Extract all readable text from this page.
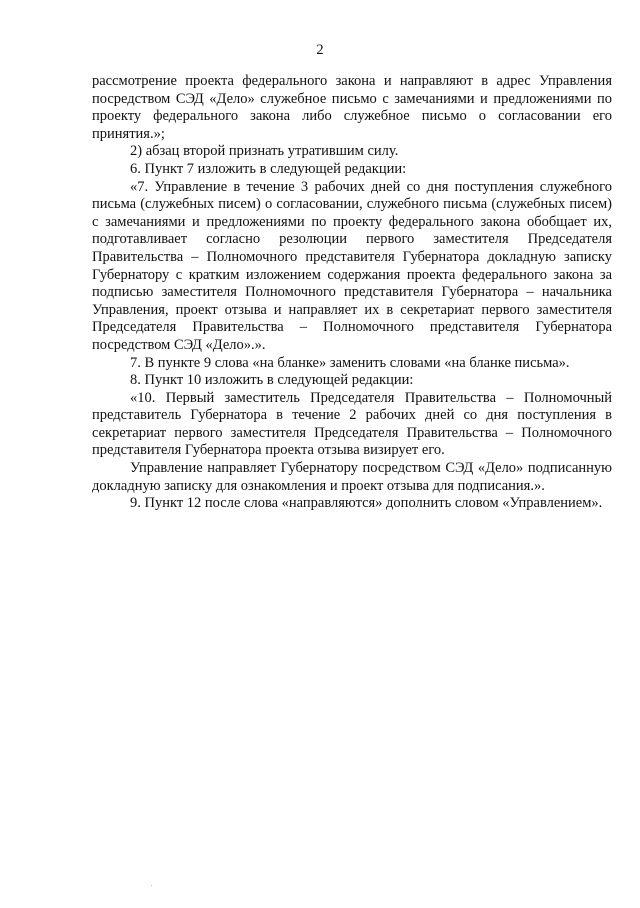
2

рассмотрение проекта федерального закона и направляют в адрес Управления посредством СЭД «Дело» служебное письмо с замечаниями и предложениями по проекту федерального закона либо служебное письмо о согласовании его принятия.»;

2) абзац второй признать утратившим силу.

6. Пункт 7 изложить в следующей редакции:

«7. Управление в течение 3 рабочих дней со дня поступления служебного письма (служебных писем) о согласовании, служебного письма (служебных писем) с замечаниями и предложениями по проекту федерального закона обобщает их, подготавливает согласно резолюции первого заместителя Председателя Правительства – Полномочного представителя Губернатора докладную записку Губернатору с кратким изложением содержания проекта федерального закона за подписью заместителя Полномочного представителя Губернатора – начальника Управления, проект отзыва и направляет их в секретариат первого заместителя Председателя Правительства – Полномочного представителя Губернатора посредством СЭД «Дело».».

7. В пункте 9 слова «на бланке» заменить словами «на бланке письма».

8. Пункт 10 изложить в следующей редакции:

«10. Первый заместитель Председателя Правительства – Полномочный представитель Губернатора в течение 2 рабочих дней со дня поступления в секретариат первого заместителя Председателя Правительства – Полномочного представителя Губернатора проекта отзыва визирует его.

Управление направляет Губернатору посредством СЭД «Дело» подписанную докладную записку для ознакомления и проект отзыва для подписания.».

9. Пункт 12 после слова «направляются» дополнить словом «Управлением».
